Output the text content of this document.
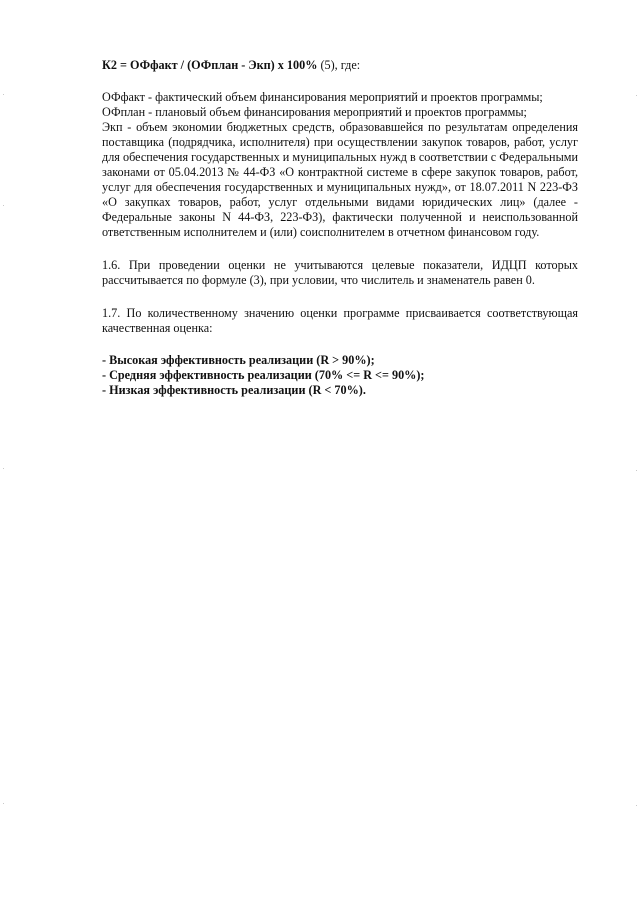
К2 = ОФфакт / (ОФплан - Экп) х 100% (5), где:

ОФфакт - фактический объем финансирования мероприятий и проектов программы;

ОФплан - плановый объем финансирования мероприятий и проектов программы;

Экп - объем экономии бюджетных средств, образовавшейся по результатам определения поставщика (подрядчика, исполнителя) при осуществлении закупок товаров, работ, услуг для обеспечения государственных и муниципальных нужд в соответствии с Федеральными законами от 05.04.2013 № 44-ФЗ «О контрактной системе в сфере закупок товаров, работ, услуг для обеспечения государственных и муниципальных нужд», от 18.07.2011 N 223-ФЗ «О закупках товаров, работ, услуг отдельными видами юридических лиц» (далее - Федеральные законы N 44-ФЗ, 223-ФЗ), фактически полученной и неиспользованной ответственным исполнителем и (или) соисполнителем в отчетном финансовом году.

1.6. При проведении оценки не учитываются целевые показатели, ИДЦП которых рассчитывается по формуле (3), при условии, что числитель и знаменатель равен 0.

1.7. По количественному значению оценки программе присваивается соответствующая качественная оценка:

- Высокая эффективность реализации (R > 90%);
- Средняя эффективность реализации (70% <= R <= 90%);
- Низкая эффективность реализации (R < 70%).
